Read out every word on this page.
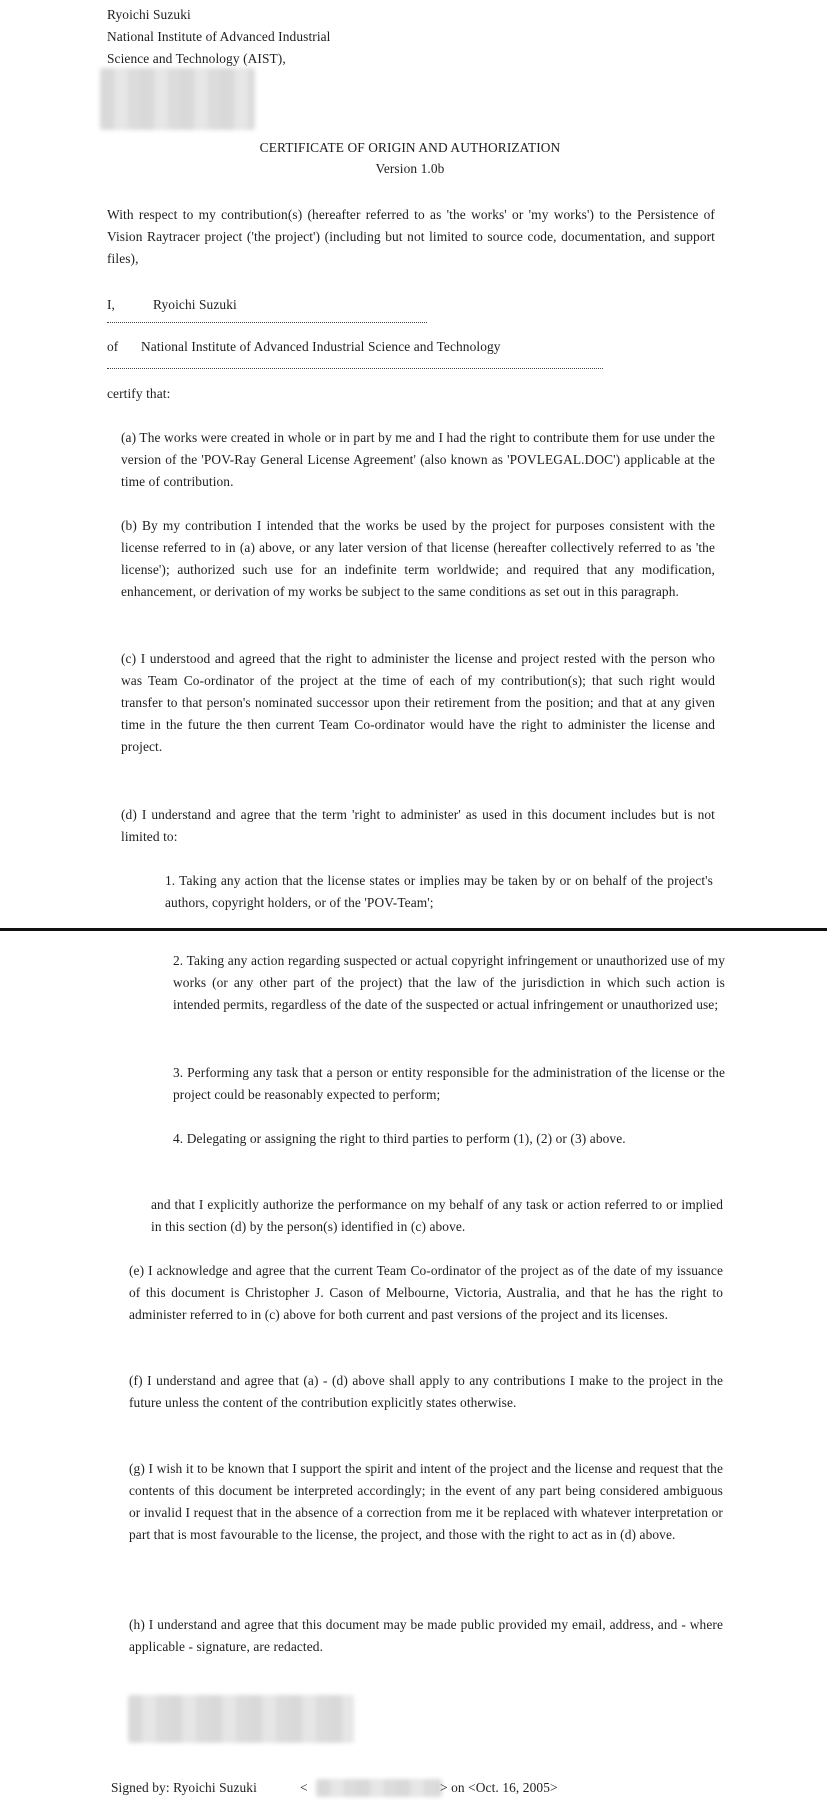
Ryoichi Suzuki
National Institute of Advanced Industrial
Science and Technology (AIST),
CERTIFICATE OF ORIGIN AND AUTHORIZATION
Version 1.0b
With respect to my contribution(s) (hereafter referred to as 'the works' or 'my works') to the Persistence of Vision Raytracer project ('the project') (including but not limited to source code, documentation, and support files),
I,	Ryoichi Suzuki
of National Institute of Advanced Industrial Science and Technology
certify that:
(a) The works were created in whole or in part by me and I had the right to contribute them for use under the version of the 'POV-Ray General License Agreement' (also known as 'POVLEGAL.DOC') applicable at the time of contribution.
(b) By my contribution I intended that the works be used by the project for purposes consistent with the license referred to in (a) above, or any later version of that license (hereafter collectively referred to as 'the license'); authorized such use for an indefinite term worldwide; and required that any modification, enhancement, or derivation of my works be subject to the same conditions as set out in this paragraph.
(c) I understood and agreed that the right to administer the license and project rested with the person who was Team Co-ordinator of the project at the time of each of my contribution(s); that such right would transfer to that person's nominated successor upon their retirement from the position; and that at any given time in the future the then current Team Co-ordinator would have the right to administer the license and project.
(d) I understand and agree that the term 'right to administer' as used in this document includes but is not limited to:
1. Taking any action that the license states or implies may be taken by or on behalf of the project's authors, copyright holders, or of the 'POV-Team';
2. Taking any action regarding suspected or actual copyright infringement or unauthorized use of my works (or any other part of the project) that the law of the jurisdiction in which such action is intended permits, regardless of the date of the suspected or actual infringement or unauthorized use;
3. Performing any task that a person or entity responsible for the administration of the license or the project could be reasonably expected to perform;
4. Delegating or assigning the right to third parties to perform (1), (2) or (3) above.
and that I explicitly authorize the performance on my behalf of any task or action referred to or implied in this section (d) by the person(s) identified in (c) above.
(e) I acknowledge and agree that the current Team Co-ordinator of the project as of the date of my issuance of this document is Christopher J. Cason of Melbourne, Victoria, Australia, and that he has the right to administer referred to in (c) above for both current and past versions of the project and its licenses.
(f) I understand and agree that (a) - (d) above shall apply to any contributions I make to the project in the future unless the content of the contribution explicitly states otherwise.
(g) I wish it to be known that I support the spirit and intent of the project and the license and request that the contents of this document be interpreted accordingly; in the event of any part being considered ambiguous or invalid I request that in the absence of a correction from me it be replaced with whatever interpretation or part that is most favourable to the license, the project, and those with the right to act as in (d) above.
(h) I understand and agree that this document may be made public provided my email, address, and - where applicable - signature, are redacted.
Signed by: Ryoichi Suzuki	<	> on <Oct. 16, 2005>
